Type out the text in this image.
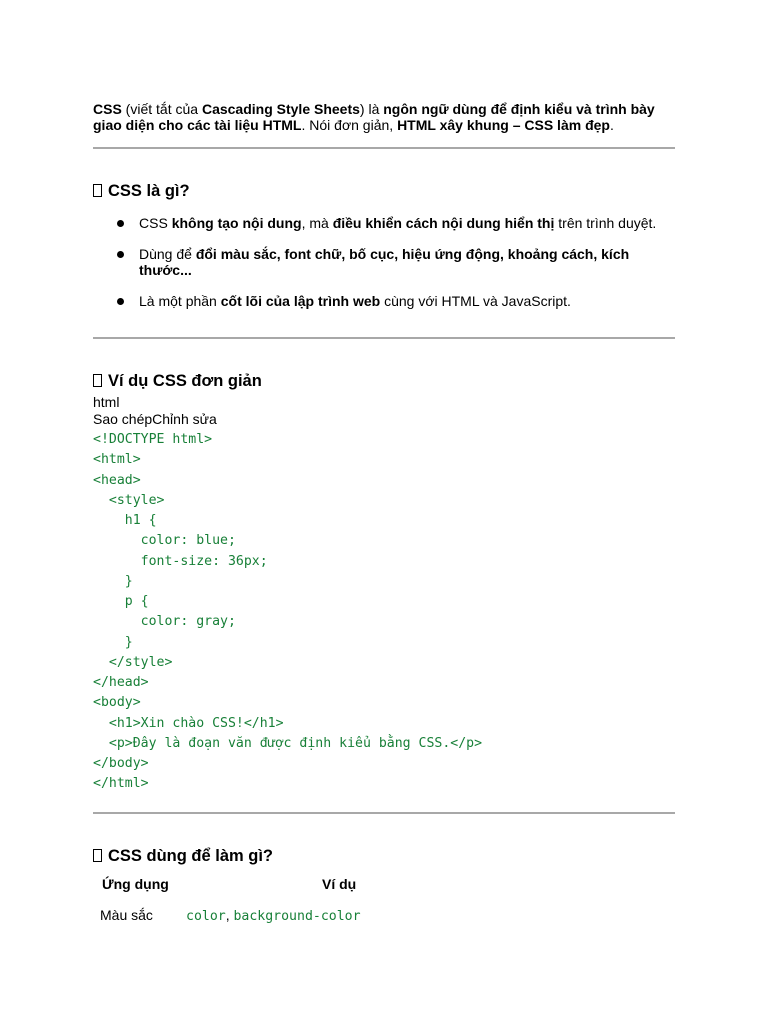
CSS (viết tắt của Cascading Style Sheets) là ngôn ngữ dùng để định kiểu và trình bày giao diện cho các tài liệu HTML. Nói đơn giản, HTML xây khung – CSS làm đẹp.

CSS là gì?
CSS không tạo nội dung, mà điều khiển cách nội dung hiển thị trên trình duyệt.
Dùng để đổi màu sắc, font chữ, bố cục, hiệu ứng động, khoảng cách, kích thước...
Là một phần cốt lõi của lập trình web cùng với HTML và JavaScript.
Ví dụ CSS đơn giản
html
Sao chépChỉnh sửa
<!DOCTYPE html>
<html>
<head>
<style>
h1 {
color: blue;
font-size: 36px;
}
p {
color: gray;
}
</style>
</head>
<body>
<h1>Xin chào CSS!</h1>
<p>Đây là đoạn văn được định kiểu bằng CSS.</p>
</body>
</html>
CSS dùng để làm gì?
Ứng dụng	Ví dụ
Màu sắc	color, background-color
